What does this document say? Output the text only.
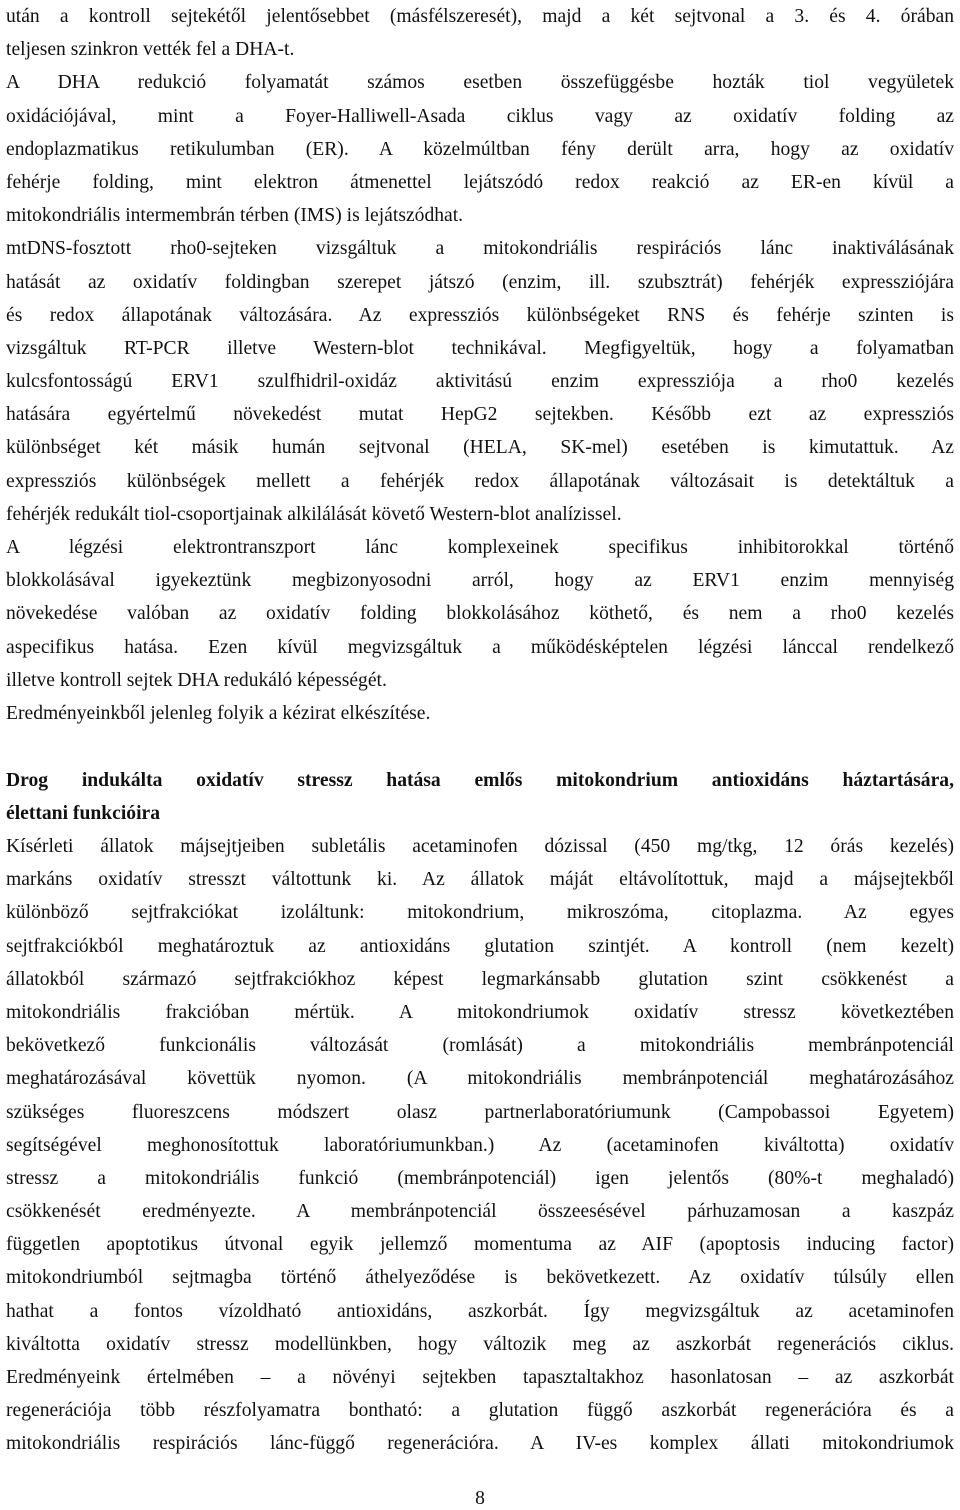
után a kontroll sejtekétől jelentősebbet (másfélszeresét), majd a két sejtvonal a 3. és 4. órában
teljesen szinkron vették fel a DHA-t.
A DHA redukció folyamatát számos esetben összefüggésbe hozták tiol vegyületek
oxidációjával, mint a Foyer-Halliwell-Asada ciklus vagy az oxidatív folding az
endoplazmatikus retikulumban (ER). A közelmúltban fény derült arra, hogy az oxidatív
fehérje folding, mint elektron átmenettel lejátszódó redox reakció az ER-en kívül a
mitokondriális intermembrán térben (IMS) is lejátszódhat.
mtDNS-fosztott rho0-sejteken vizsgáltuk a mitokondriális respirációs lánc inaktiválásának
hatását az oxidatív foldingban szerepet játszó (enzim, ill. szubsztrát) fehérjék expressziójára
és redox állapotának változására. Az expressziós különbségeket RNS és fehérje szinten is
vizsgáltuk RT-PCR illetve Western-blot technikával. Megfigyeltük, hogy a folyamatban
kulcsfontosságú ERV1 szulfhidril-oxidáz aktivitású enzim expressziója a rho0 kezelés
hatására egyértelmű növekedést mutat HepG2 sejtekben. Később ezt az expressziós
különbséget két másik humán sejtvonal (HELA, SK-mel) esetében is kimutattuk. Az
expressziós különbségek mellett a fehérjék redox állapotának változásait is detektáltuk a
fehérjék redukált tiol-csoportjainak alkilálását követő Western-blot analízissel.
A légzési elektrontranszport lánc komplexeinek specifikus inhibitorokkal történő
blokkolásával igyekeztünk megbizonyosodni arról, hogy az ERV1 enzim mennyiség
növekedése valóban az oxidatív folding blokkolásához köthető, és nem a rho0 kezelés
aspecifikus hatása. Ezen kívül megvizsgáltuk a működésképtelen légzési lánccal rendelkező
illetve kontroll sejtek DHA redukáló képességét.
Eredményeinkből jelenleg folyik a kézirat elkészítése.
Drog indukálta oxidatív stressz hatása emlős mitokondrium antioxidáns háztartására,
élettani funkcióira
Kísérleti állatok májsejtjeiben subletális acetaminofen dózissal (450 mg/tkg, 12 órás kezelés)
markáns oxidatív stresszt váltottunk ki. Az állatok máját eltávolítottuk, majd a májsejtekből
különböző sejtfrakciókat izoláltunk: mitokondrium, mikroszóma, citoplazma. Az egyes
sejtfrakciókból meghatároztuk az antioxidáns glutation szintjét. A kontroll (nem kezelt)
állatokból származó sejtfrakciókhoz képest legmarkánsabb glutation szint csökkenést a
mitokondriális frakcióban mértük. A mitokondriumok oxidatív stressz következtében
bekövetkező funkcionális változását (romlását) a mitokondriális membránpotenciál
meghatározásával követtük nyomon. (A mitokondriális membránpotenciál meghatározásához
szükséges fluoreszcens módszert olasz partnerlaboratóriumunk (Campobassoi Egyetem)
segítségével meghonosítottuk laboratóriumunkban.) Az (acetaminofen kiváltotta) oxidatív
stressz a mitokondriális funkció (membránpotenciál) igen jelentős (80%-t meghaladó)
csökkenését eredményezte. A membránpotenciál összeesésével párhuzamosan a kaszpáz
független apoptotikus útvonal egyik jellemző momentuma az AIF (apoptosis inducing factor)
mitokondriumból sejtmagba történő áthelyeződése is bekövetkezett. Az oxidatív túlsúly ellen
hathat a fontos vízoldható antioxidáns, aszkorbát. Így megvizsgáltuk az acetaminofen
kiváltotta oxidatív stressz modellünkben, hogy változik meg az aszkorbát regenerációs ciklus.
Eredményeink értelmében – a növényi sejtekben tapasztaltakhoz hasonlatosan – az aszkorbát
regenerációja több részfolyamatra bontható: a glutation függő aszkorbát regenerációra és a
mitokondriális respirációs lánc-függő regenerációra. A IV-es komplex állati mitokondriumok
8
